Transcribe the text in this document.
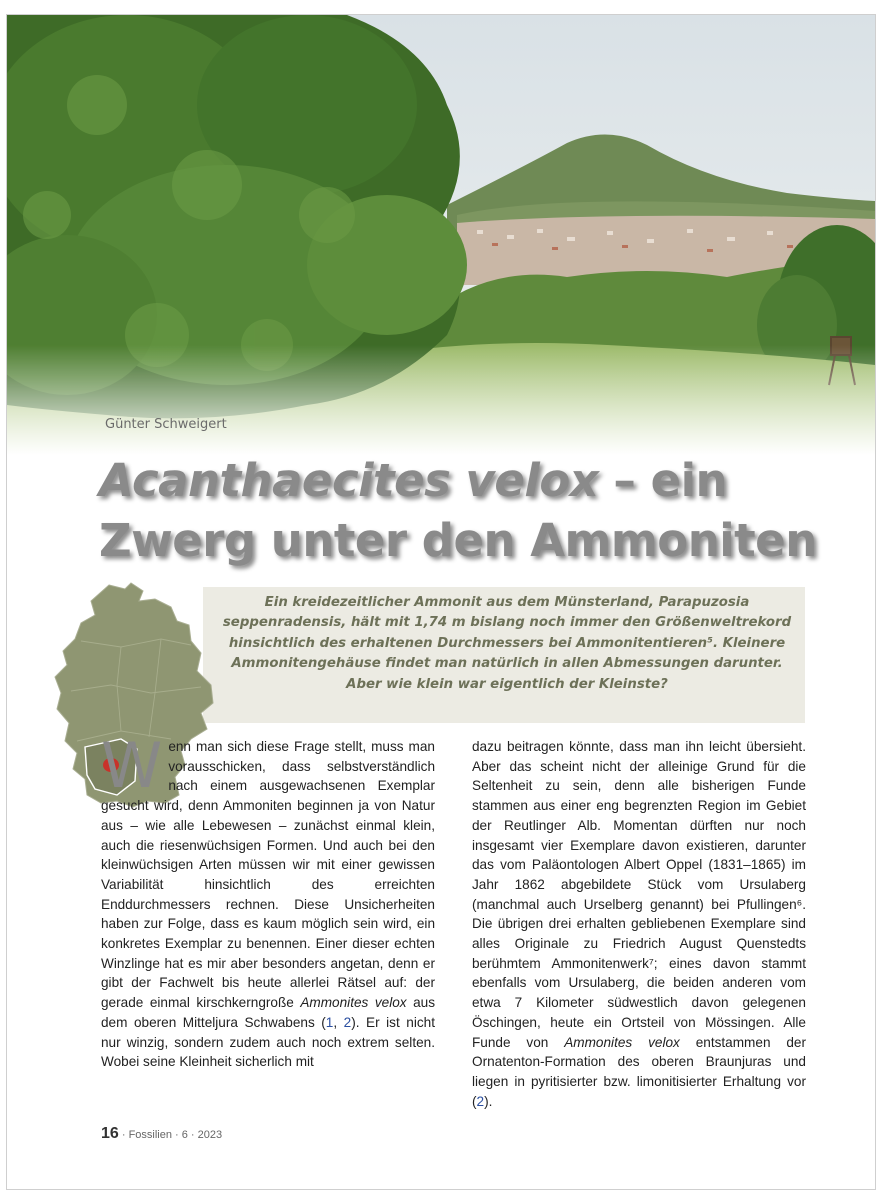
Günter Schweigert
Acanthaecites velox – ein
Zwerg unter den Ammoniten

Ein kreidezeitlicher Ammonit aus dem Münsterland, Parapuzosia seppenradensis, hält mit 1,74 m bislang noch immer den Größenweltrekord hinsichtlich des erhaltenen Durchmessers bei Ammonitentieren⁵. Kleinere Ammonitengehäuse findet man natürlich in allen Abmessungen darunter. Aber wie klein war eigentlich der Kleinste?

Wenn man sich diese Frage stellt, muss man vorausschicken, dass selbstverständlich nach einem ausgewachsenen Exemplar gesucht wird, denn Ammoniten beginnen ja von Natur aus – wie alle Lebewesen – zunächst einmal klein, auch die riesenwüchsigen Formen. Und auch bei den kleinwüchsigen Arten müssen wir mit einer gewissen Variabilität hinsichtlich des erreichten Enddurchmessers rechnen. Diese Unsicherheiten haben zur Folge, dass es kaum möglich sein wird, ein konkretes Exemplar zu benennen. Einer dieser echten Winzlinge hat es mir aber besonders angetan, denn er gibt der Fachwelt bis heute allerlei Rätsel auf: der gerade einmal kirschkerngroße Ammonites velox aus dem oberen Mitteljura Schwabens (1, 2). Er ist nicht nur winzig, sondern zudem auch noch extrem selten. Wobei seine Kleinheit sicherlich mit

dazu beitragen könnte, dass man ihn leicht übersieht. Aber das scheint nicht der alleinige Grund für die Seltenheit zu sein, denn alle bisherigen Funde stammen aus einer eng begrenzten Region im Gebiet der Reutlinger Alb. Momentan dürften nur noch insgesamt vier Exemplare davon existieren, darunter das vom Paläontologen Albert Oppel (1831–1865) im Jahr 1862 abgebildete Stück vom Ursulaberg (manchmal auch Urselberg genannt) bei Pfullingen⁶. Die übrigen drei erhalten gebliebenen Exemplare sind alles Originale zu Friedrich August Quenstedts berühmtem Ammonitenwerk⁷; eines davon stammt ebenfalls vom Ursulaberg, die beiden anderen vom etwa 7 Kilometer südwestlich davon gelegenen Öschingen, heute ein Ortsteil von Mössingen. Alle Funde von Ammonites velox entstammen der Ornatenton-Formation des oberen Braunjuras und liegen in pyritisierter bzw. limonitisierter Erhaltung vor (2).

16 · Fossilien · 6 · 2023
